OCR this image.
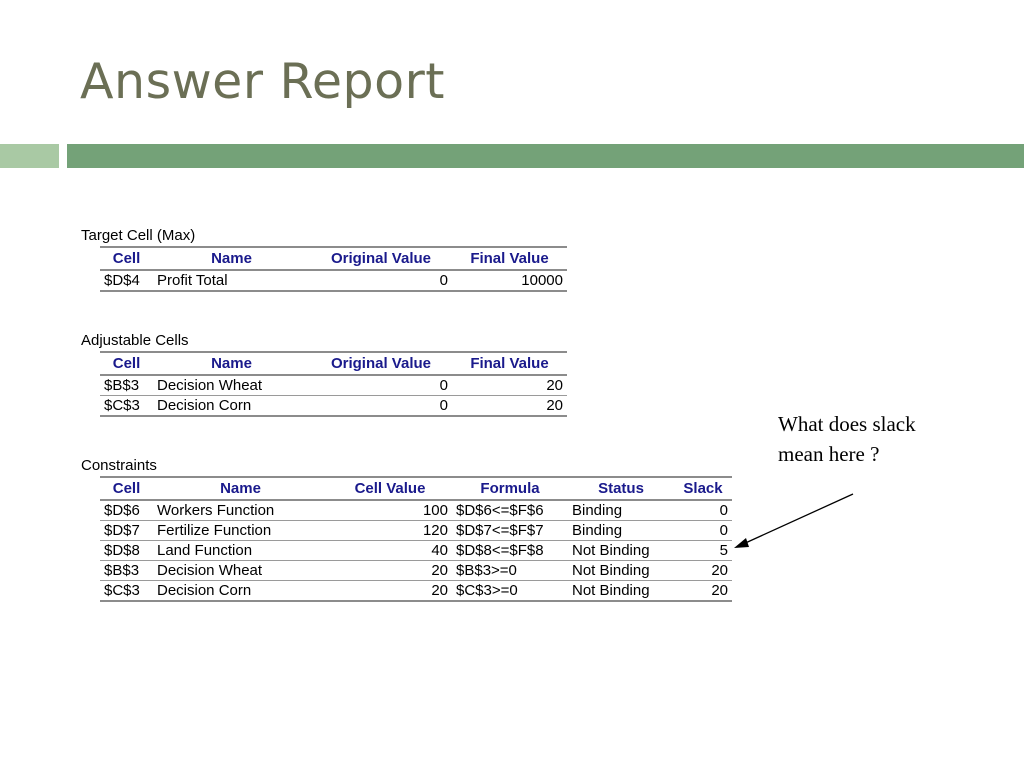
Answer Report
Target Cell (Max)
Cell	Name	Original Value	Final Value
$D$4	Profit Total	0	10000
Adjustable Cells
Cell	Name	Original Value	Final Value
$B$3	Decision Wheat	0	20
$C$3	Decision Corn	0	20
Constraints
Cell	Name	Cell Value	Formula	Status	Slack
$D$6	Workers Function	100	$D$6<=$F$6	Binding	0
$D$7	Fertilize Function	120	$D$7<=$F$7	Binding	0
$D$8	Land Function	40	$D$8<=$F$8	Not Binding	5
$B$3	Decision Wheat	20	$B$3>=0	Not Binding	20
$C$3	Decision Corn	20	$C$3>=0	Not Binding	20
What does slack
mean here ?
